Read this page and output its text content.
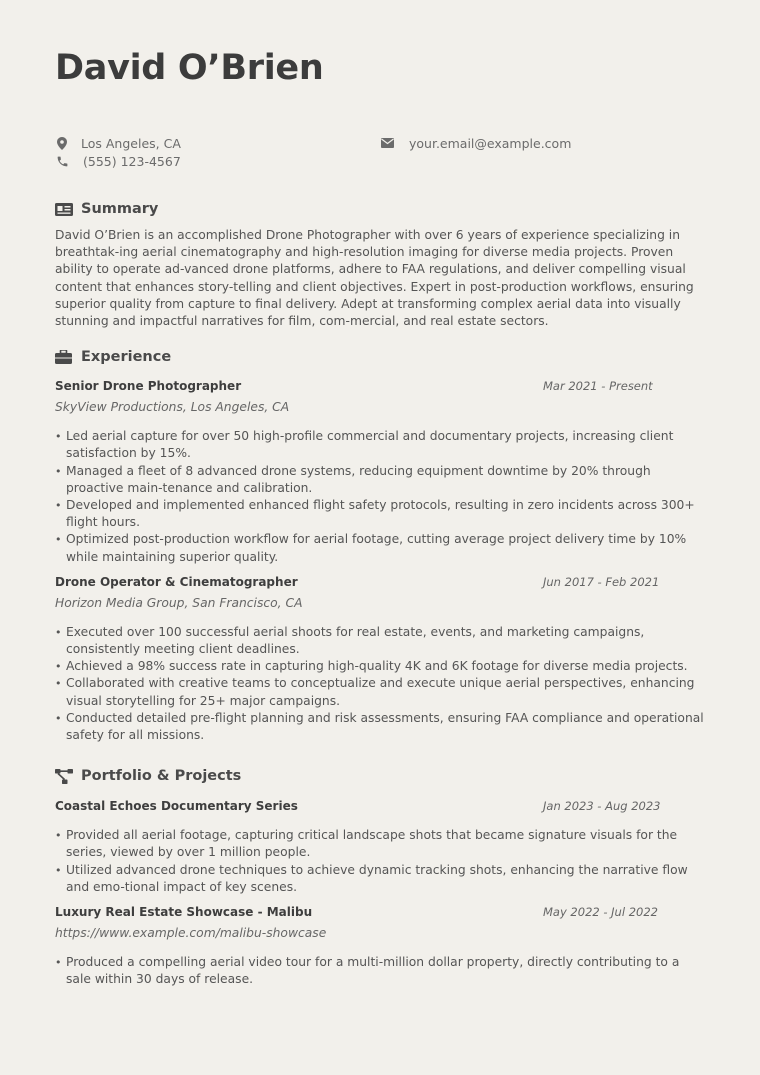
David O’Brien
Los Angeles, CA
(555) 123-4567
your.email@example.com
Summary

David O’Brien is an accomplished Drone Photographer with over 6 years of experience specializing in breathtak-ing aerial cinematography and high-resolution imaging for diverse media projects. Proven ability to operate ad-vanced drone platforms, adhere to FAA regulations, and deliver compelling visual content that enhances story-telling and client objectives. Expert in post-production workflows, ensuring superior quality from capture to final delivery. Adept at transforming complex aerial data into visually stunning and impactful narratives for film, com-mercial, and real estate sectors.

Experience
Senior Drone Photographer	Mar 2021 - Present
SkyView Productions, Los Angeles, CA
• Led aerial capture for over 50 high-profile commercial and documentary projects, increasing client satisfaction by 15%.
• Managed a fleet of 8 advanced drone systems, reducing equipment downtime by 20% through proactive main-tenance and calibration.
• Developed and implemented enhanced flight safety protocols, resulting in zero incidents across 300+ flight hours.
• Optimized post-production workflow for aerial footage, cutting average project delivery time by 10% while maintaining superior quality.
Drone Operator & Cinematographer	Jun 2017 - Feb 2021
Horizon Media Group, San Francisco, CA
• Executed over 100 successful aerial shoots for real estate, events, and marketing campaigns, consistently meeting client deadlines.
• Achieved a 98% success rate in capturing high-quality 4K and 6K footage for diverse media projects.
• Collaborated with creative teams to conceptualize and execute unique aerial perspectives, enhancing visual storytelling for 25+ major campaigns.
• Conducted detailed pre-flight planning and risk assessments, ensuring FAA compliance and operational safety for all missions.
Portfolio & Projects
Coastal Echoes Documentary Series	Jan 2023 - Aug 2023
• Provided all aerial footage, capturing critical landscape shots that became signature visuals for the series, viewed by over 1 million people.
• Utilized advanced drone techniques to achieve dynamic tracking shots, enhancing the narrative flow and emo-tional impact of key scenes.
Luxury Real Estate Showcase - Malibu	May 2022 - Jul 2022
https://www.example.com/malibu-showcase
• Produced a compelling aerial video tour for a multi-million dollar property, directly contributing to a sale within 30 days of release.
